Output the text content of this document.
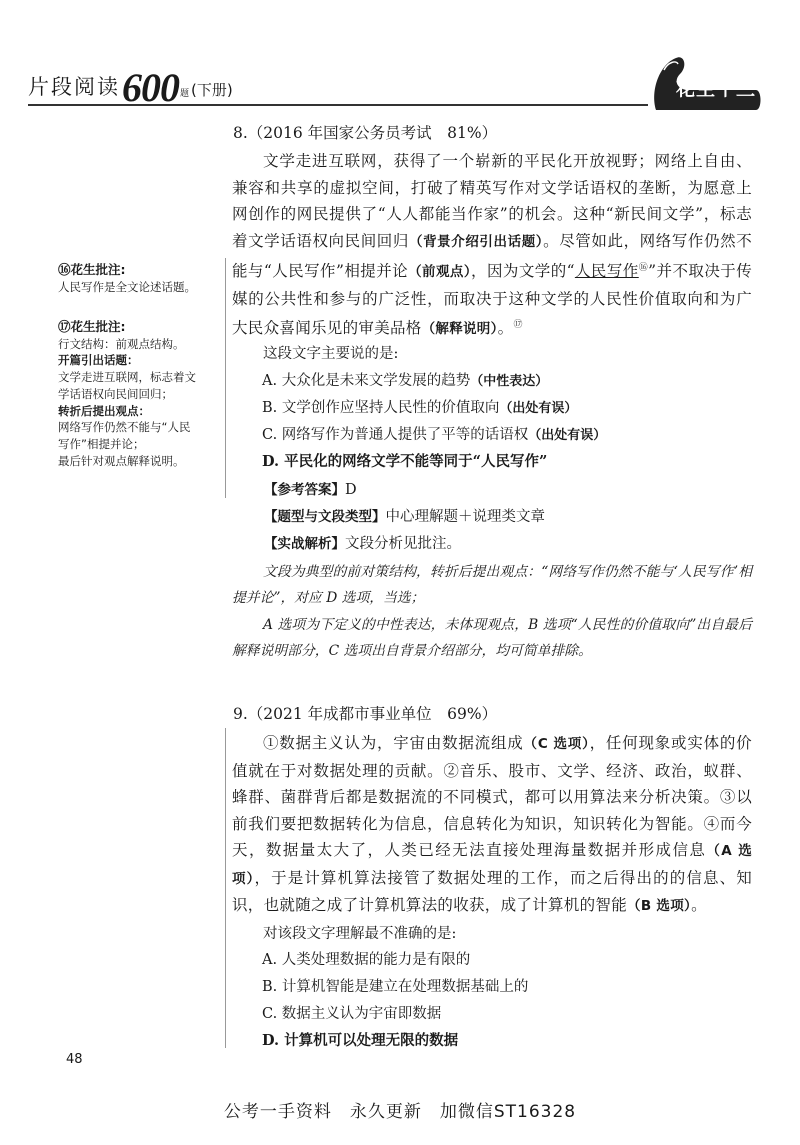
片段阅读 600 题 (下册)	花生十三
⑯花生批注:
人民写作是全文论述话题。
⑰花生批注:
行文结构：前观点结构。
开篇引出话题：
文学走进互联网，标志着文
学话语权向民间回归；
转折后提出观点：
网络写作仍然不能与“人民
写作”相提并论；
最后针对观点解释说明。
8.（2016 年国家公务员考试　81%）
文学走进互联网，获得了一个崭新的平民化开放视野；网络上自由、兼容和共享的虚拟空间，打破了精英写作对文学话语权的垄断，为愿意上网创作的网民提供了“人人都能当作家”的机会。这种“新民间文学”，标志着文学话语权向民间回归（背景介绍引出话题）。尽管如此，网络写作仍然不能与“人民写作”相提并论（前观点），因为文学的“人民写作⑯”并不取决于传媒的公共性和参与的广泛性，而取决于这种文学的人民性价值取向和为广大民众喜闻乐见的审美品格（解释说明）。⑰
这段文字主要说的是:
A. 大众化是未来文学发展的趋势（中性表达）
B. 文学创作应坚持人民性的价值取向（出处有误）
C. 网络写作为普通人提供了平等的话语权（出处有误）
D. 平民化的网络文学不能等同于“人民写作”
【参考答案】D
【题型与文段类型】中心理解题＋说理类文章
【实战解析】文段分析见批注。
文段为典型的前对策结构，转折后提出观点：“网络写作仍然不能与‘人民写作’相提并论”，对应 D 选项，当选；
A 选项为下定义的中性表达，未体现观点，B 选项“人民性的价值取向”出自最后解释说明部分，C 选项出自背景介绍部分，均可简单排除。
9.（2021 年成都市事业单位　69%）
①数据主义认为，宇宙由数据流组成（C 选项），任何现象或实体的价值就在于对数据处理的贡献。②音乐、股市、文学、经济、政治，蚁群、蜂群、菌群背后都是数据流的不同模式，都可以用算法来分析决策。③以前我们要把数据转化为信息，信息转化为知识，知识转化为智能。④而今天，数据量太大了，人类已经无法直接处理海量数据并形成信息（A 选项），于是计算机算法接管了数据处理的工作，而之后得出的的信息、知识，也就随之成了计算机算法的收获，成了计算机的智能（B 选项）。
对该段文字理解最不准确的是:
A. 人类处理数据的能力是有限的
B. 计算机智能是建立在处理数据基础上的
C. 数据主义认为宇宙即数据
D. 计算机可以处理无限的数据
48
公考一手资料　永久更新　加微信ST16328
